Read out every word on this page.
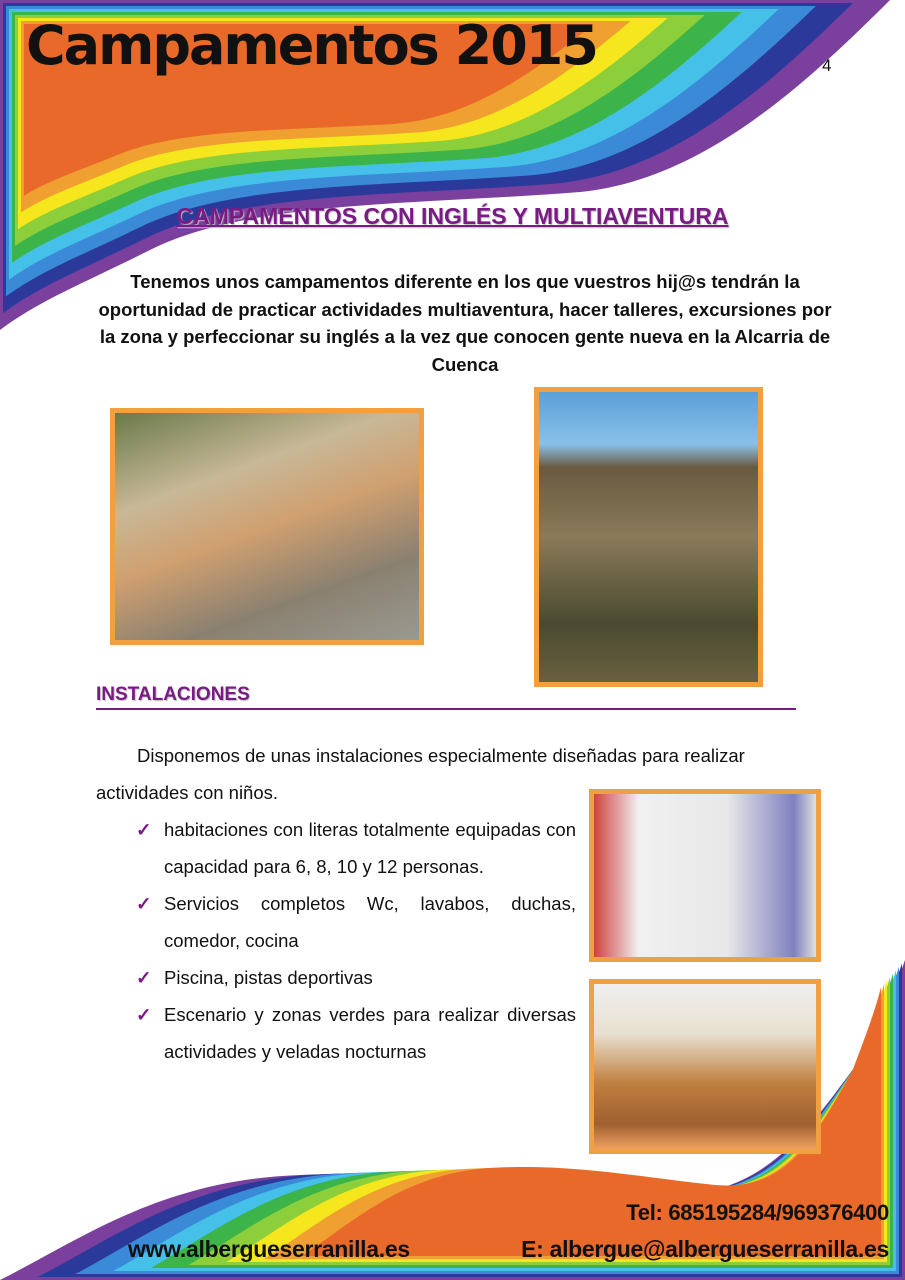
Campamentos 2015	4
CAMPAMENTOS CON INGLÉS Y MULTIAVENTURA
Tenemos unos campamentos diferente en los que vuestros hij@s tendrán la oportunidad de practicar actividades multiaventura, hacer talleres, excursiones por la zona y perfeccionar su inglés a la vez que conocen gente nueva en la Alcarria de Cuenca
INSTALACIONES
Disponemos de unas instalaciones especialmente diseñadas para realizar actividades con niños.
✓ habitaciones con literas totalmente equipadas con capacidad para 6, 8, 10 y 12 personas.
✓ Servicios completos Wc, lavabos, duchas, comedor, cocina
✓ Piscina, pistas deportivas
✓ Escenario y zonas verdes para realizar diversas actividades y veladas nocturnas
Tel: 685195284/969376400
www.albergueserranilla.es	E: albergue@albergueserranilla.es
